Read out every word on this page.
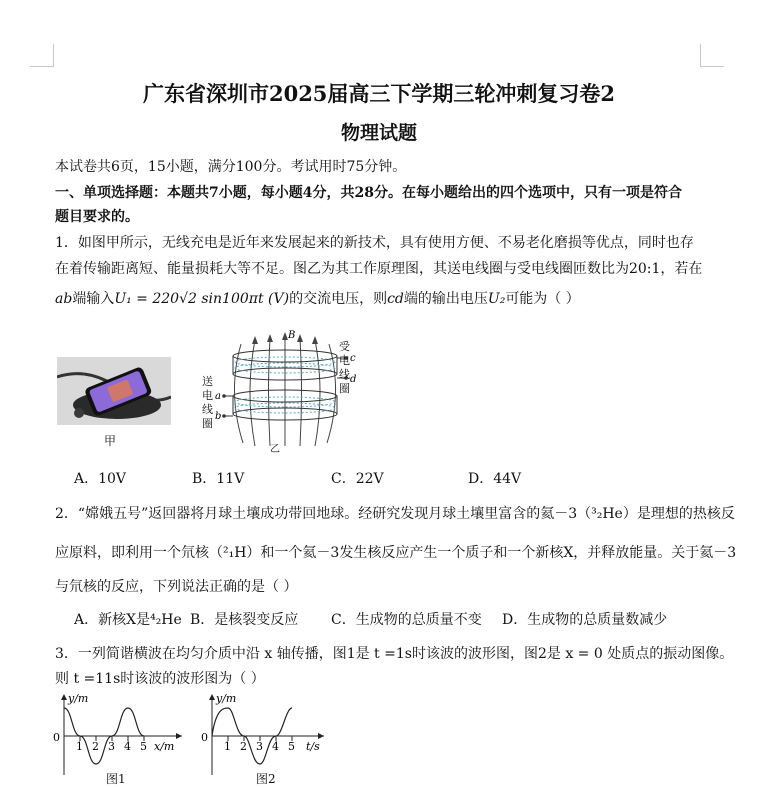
广东省深圳市2025届高三下学期三轮冲刺复习卷2
物理试题
本试卷共6页，15小题，满分100分。考试用时75分钟。
一、单项选择题：本题共7小题，每小题4分，共28分。在每小题给出的四个选项中，只有一项是符合
题目要求的。
1．如图甲所示，无线充电是近年来发展起来的新技术，具有使用方便、不易老化磨损等优点，同时也存
在着传输距离短、能量损耗大等不足。图乙为其工作原理图，其送电线圈与受电线圈匝数比为20:1，若在
ab端输入U₁ = 220√2 sin100πt (V)的交流电压，则cd端的输出电压U₂可能为（ ）
甲
B
c
d
a
b
送电线圈
受电线圈
乙
A．10V	B．11V	C．22V	D．44V
2．“嫦娥五号”返回器将月球土壤成功带回地球。经研究发现月球土壤里富含的氦－3（³₂He）是理想的热核反
应原料，即利用一个氘核（²₁H）和一个氦－3发生核反应产生一个质子和一个新核X，并释放能量。关于氦－3
与氘核的反应，下列说法正确的是（ ）
A．新核X是⁴₂He B．是核裂变反应 C．生成物的总质量不变 D．生成物的总质量数减少
3．一列简谐横波在均匀介质中沿 x 轴传播，图1是 t =1s时该波的波形图，图2是 x = 0 处质点的振动图像。
则 t =11s时该波的波形图为（ ）
y/m
0
1 2 3 4 5 x/m
图1
y/m
0
1 2 3 4 5 t/s
图2
